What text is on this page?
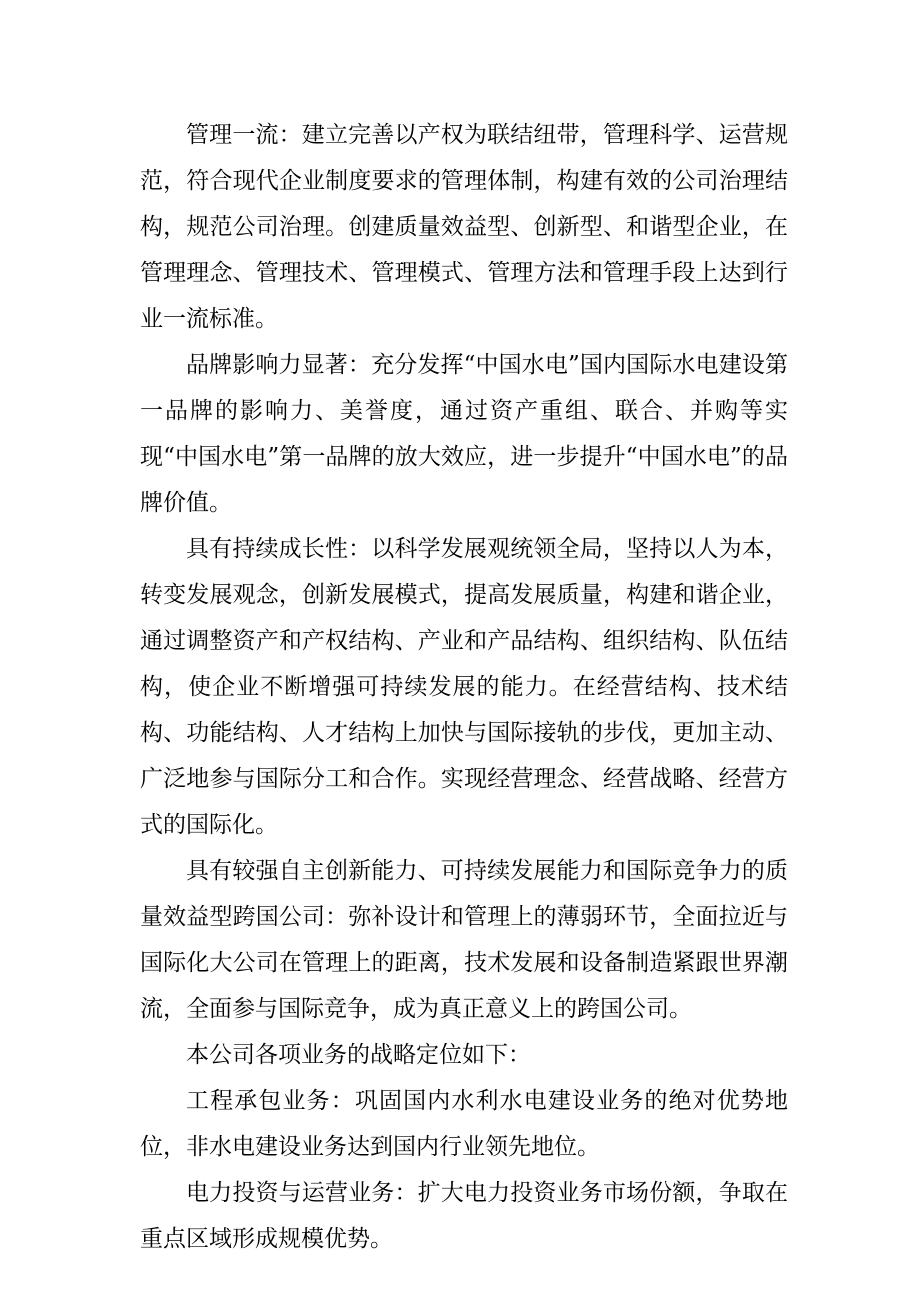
管理一流：建立完善以产权为联结纽带，管理科学、运营规范，符合现代企业制度要求的管理体制，构建有效的公司治理结构，规范公司治理。创建质量效益型、创新型、和谐型企业，在管理理念、管理技术、管理模式、管理方法和管理手段上达到行业一流标准。

品牌影响力显著：充分发挥“中国水电”国内国际水电建设第一品牌的影响力、美誉度，通过资产重组、联合、并购等实现“中国水电”第一品牌的放大效应，进一步提升“中国水电”的品牌价值。

具有持续成长性：以科学发展观统领全局，坚持以人为本，转变发展观念，创新发展模式，提高发展质量，构建和谐企业，通过调整资产和产权结构、产业和产品结构、组织结构、队伍结构，使企业不断增强可持续发展的能力。在经营结构、技术结构、功能结构、人才结构上加快与国际接轨的步伐，更加主动、广泛地参与国际分工和合作。实现经营理念、经营战略、经营方式的国际化。

具有较强自主创新能力、可持续发展能力和国际竞争力的质量效益型跨国公司：弥补设计和管理上的薄弱环节，全面拉近与国际化大公司在管理上的距离，技术发展和设备制造紧跟世界潮流，全面参与国际竞争，成为真正意义上的跨国公司。

本公司各项业务的战略定位如下：

工程承包业务：巩固国内水利水电建设业务的绝对优势地位，非水电建设业务达到国内行业领先地位。

电力投资与运营业务：扩大电力投资业务市场份额，争取在重点区域形成规模优势。
